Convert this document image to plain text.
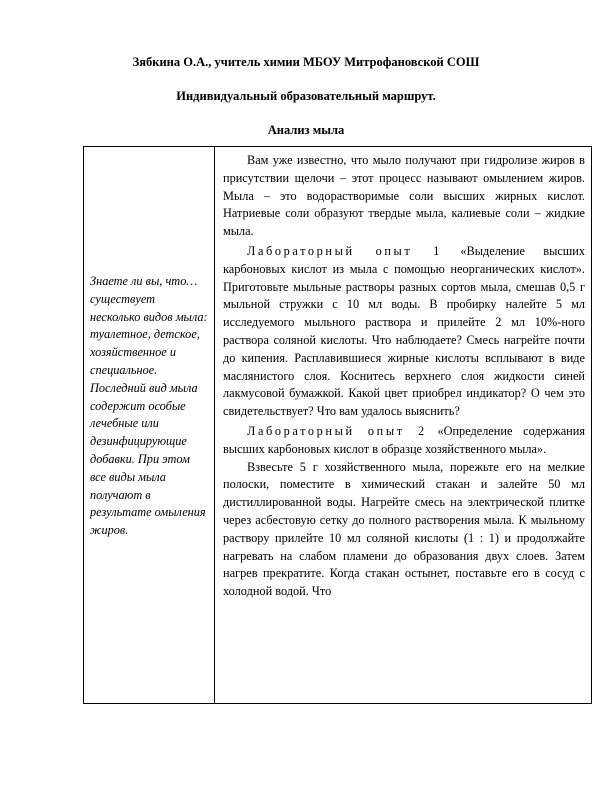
Зябкина О.А., учитель химии МБОУ Митрофановской СОШ

Индивидуальный образовательный маршрут.

Анализ мыла

Знаете ли вы, что… существует несколько видов мыла: туалетное, детское, хозяйственное и специальное. Последний вид мыла содержит особые лечебные или дезинфицирующие добавки. При этом все виды мыла получают в результате омыления жиров.

Вам уже известно, что мыло получают при гидролизе жиров в присутствии щелочи – этот процесс называют омылением жиров. Мыла – это водорастворимые соли высших жирных кислот. Натриевые соли образуют твердые мыла, калиевые соли – жидкие мыла.

Лабораторный опыт 1 «Выделение высших карбоновых кислот из мыла с помощью неорганических кислот». Приготовьте мыльные растворы разных сортов мыла, смешав 0,5 г мыльной стружки с 10 мл воды. В пробирку налейте 5 мл исследуемого мыльного раствора и прилейте 2 мл 10%-ного раствора соляной кислоты. Что наблюдаете? Смесь нагрейте почти до кипения. Расплавившиеся жирные кислоты всплывают в виде маслянистого слоя. Коснитесь верхнего слоя жидкости синей лакмусовой бумажкой. Какой цвет приобрел индикатор? О чем это свидетельствует? Что вам удалось выяснить?

Лабораторный опыт 2 «Определение содержания высших карбоновых кислот в образце хозяйственного мыла».

Взвесьте 5 г хозяйственного мыла, порежьте его на мелкие полоски, поместите в химический стакан и залейте 50 мл дистиллированной воды. Нагрейте смесь на электрической плитке через асбестовую сетку до полного растворения мыла. К мыльному раствору прилейте 10 мл соляной кислоты (1 : 1) и продолжайте нагревать на слабом пламени до образования двух слоев. Затем нагрев прекратите. Когда стакан остынет, поставьте его в сосуд с холодной водой. Что
